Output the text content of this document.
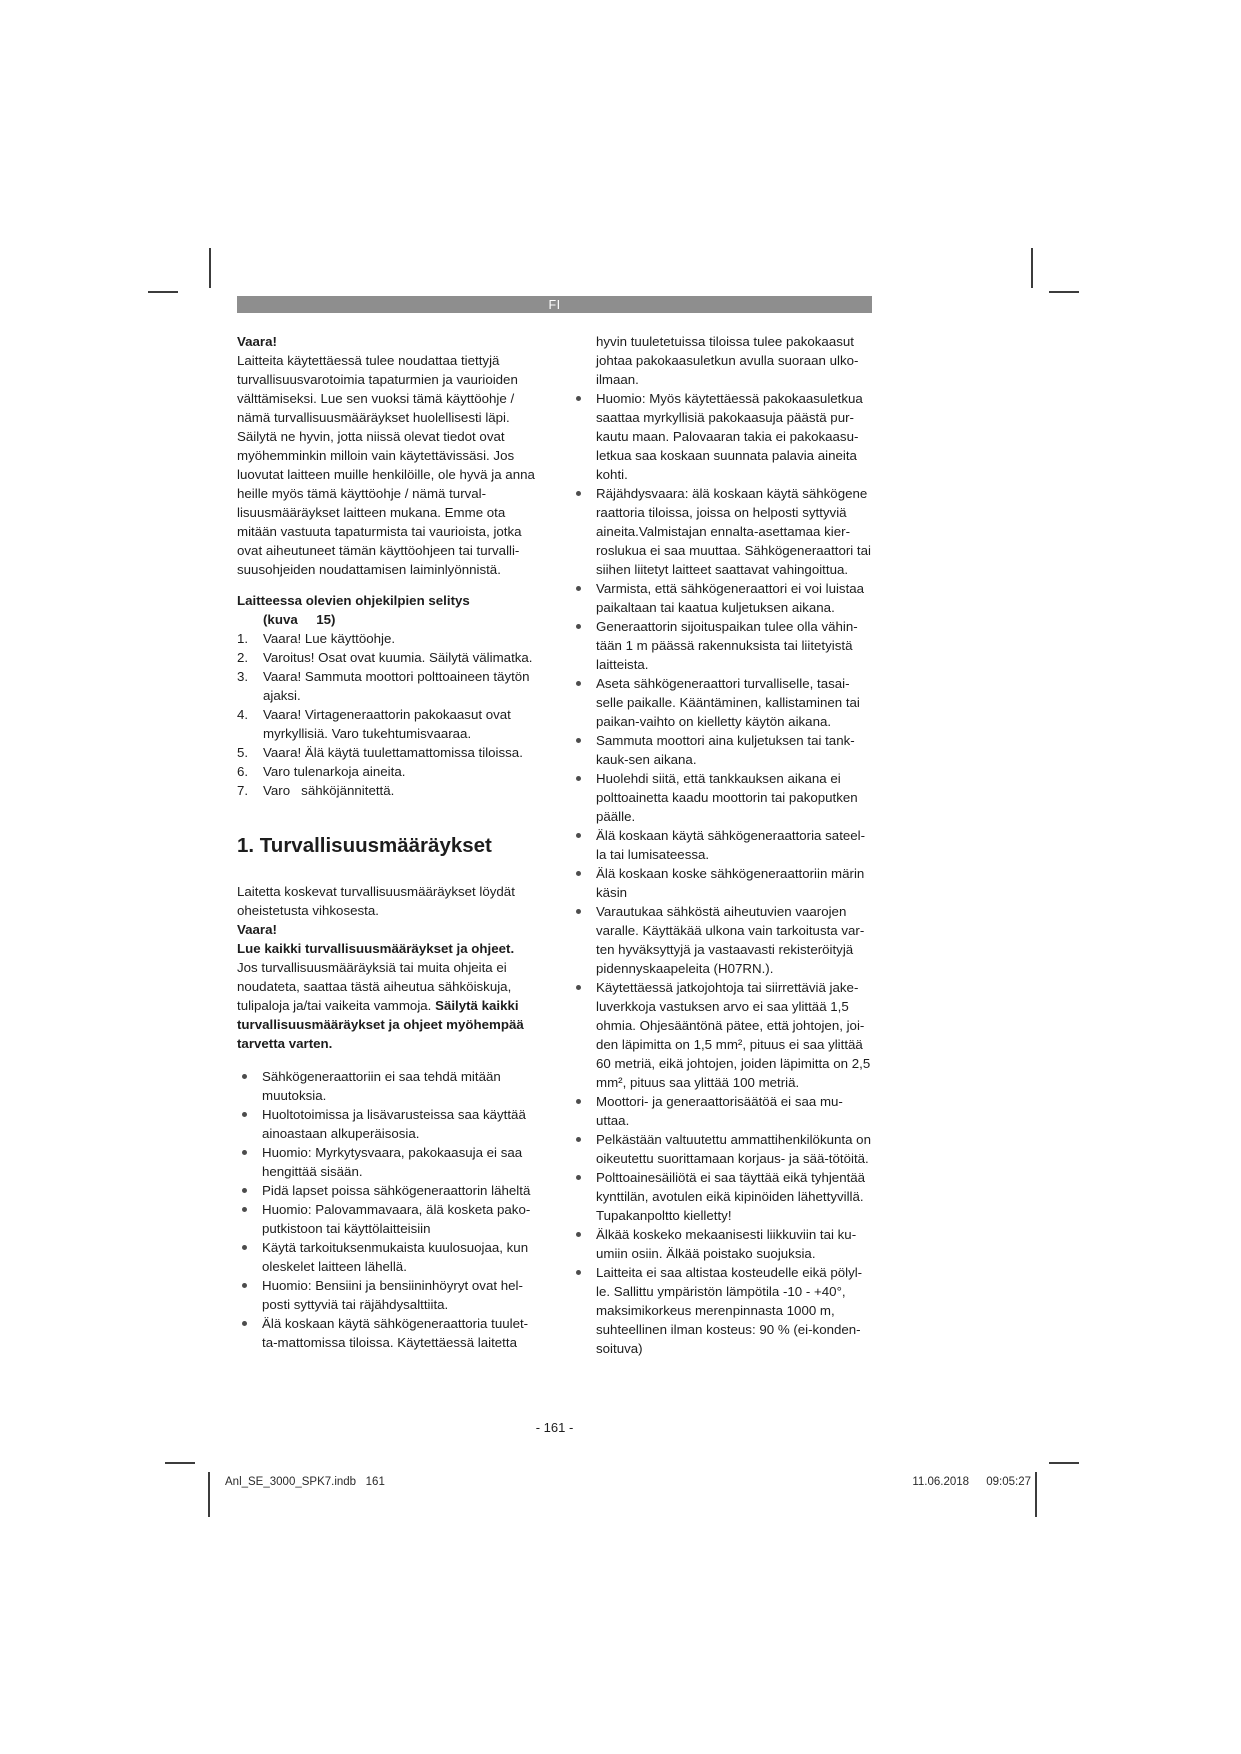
FI

Vaara!

Laitteita käytettäessä tulee noudattaa tiettyjä turvallisuusvarotoimia tapaturmien ja vaurioiden välttämiseksi. Lue sen vuoksi tämä käyttöohje / nämä turvallisuusmääräykset huolellisesti läpi. Säilytä ne hyvin, jotta niissä olevat tiedot ovat myöhemminkin milloin vain käytettävissäsi. Jos luovutat laitteen muille henkilöille, ole hyvä ja anna heille myös tämä käyttöohje / nämä turval-lisuusmääräykset laitteen mukana. Emme ota mitään vastuuta tapaturmista tai vaurioista, jotka ovat aiheutuneet tämän käyttöohjeen tai turvalli-suusohjeiden noudattamisen laiminlyönnistä.

Laitteessa olevien ohjekilpien selitys
(kuva     15)

1.	Vaara! Lue käyttöohje.
2.	Varoitus! Osat ovat kuumia. Säilytä välimatka.
3.	Vaara! Sammuta moottori polttoaineen täytön ajaksi.
4.	Vaara! Virtageneraattorin pakokaasut ovat myrkyllisiä. Varo tukehtumisvaaraa.
5.	Vaara! Älä käytä tuulettamattomissa tiloissa.
6.	Varo tulenarkoja aineita.
7.	Varo   sähköjännitettä.
1. Turvallisuusmääräykset

Laitetta koskevat turvallisuusmääräykset löydät oheistetusta vihkosesta.

Vaara!

Lue kaikki turvallisuusmääräykset ja ohjeet. Jos turvallisuusmääräyksiä tai muita ohjeita ei noudateta, saattaa tästä aiheutua sähköiskuja, tulipaloja ja/tai vaikeita vammoja. Säilytä kaikki turvallisuusmääräykset ja ohjeet myöhempää tarvetta varten.

Sähkögeneraattoriin ei saa tehdä mitään muutoksia.
Huoltotoimissa ja lisävarusteissa saa käyttää ainoastaan alkuperäisosia.
Huomio: Myrkytysvaara, pakokaasuja ei saa hengittää sisään.
Pidä lapset poissa sähkögeneraattorin läheltä
Huomio: Palovammavaara, älä kosketa pako-putkistoon tai käyttölaitteisiin
Käytä tarkoituksenmukaista kuulosuojaa, kun oleskelet laitteen lähellä.
Huomio: Bensiini ja bensiininhöyryt ovat hel-posti syttyviä tai räjähdysalttiita.
Älä koskaan käytä sähkögeneraattoria tuulet-ta-mattomissa tiloissa. Käytettäessä laitetta

hyvin tuuletetuissa tiloissa tulee pakokaasut johtaa pakokaasuletkun avulla suoraan ulko-ilmaan.

Huomio: Myös käytettäessä pakokaasuletkua saattaa myrkyllisiä pakokaasuja päästä pur-kautu maan. Palovaaran takia ei pakokaasu-letkua saa koskaan suunnata palavia aineita kohti.
Räjähdysvaara: älä koskaan käytä sähkögene raattoria tiloissa, joissa on helposti syttyviä aineita.Valmistajan ennalta-asettamaa kier-roslukua ei saa muuttaa. Sähkögeneraattori tai siihen liitetyt laitteet saattavat vahingoittua.
Varmista, että sähkögeneraattori ei voi luistaa paikaltaan tai kaatua kuljetuksen aikana.
Generaattorin sijoituspaikan tulee olla vähin-tään 1 m päässä rakennuksista tai liitetyistä laitteista.
Aseta sähkögeneraattori turvalliselle, tasai-selle paikalle. Kääntäminen, kallistaminen tai paikan-vaihto on kielletty käytön aikana.
Sammuta moottori aina kuljetuksen tai tank-kauk-sen aikana.
Huolehdi siitä, että tankkauksen aikana ei polttoainetta kaadu moottorin tai pakoputken päälle.
Älä koskaan käytä sähkögeneraattoria sateel-la tai lumisateessa.
Älä koskaan koske sähkögeneraattoriin märin käsin
Varautukaa sähköstä aiheutuvien vaarojen varalle. Käyttäkää ulkona vain tarkoitusta var-ten hyväksyttyjä ja vastaavasti rekisteröityjä pidennyskaapeleita (H07RN.).
Käytettäessä jatkojohtoja tai siirrettäviä jake-luverkkoja vastuksen arvo ei saa ylittää 1,5 ohmia. Ohjesääntönä pätee, että johtojen, joi-den läpimitta on 1,5 mm², pituus ei saa ylittää 60 metriä, eikä johtojen, joiden läpimitta on 2,5 mm², pituus saa ylittää 100 metriä.
Moottori- ja generaattorisäätöä ei saa mu-uttaa.
Pelkästään valtuutettu ammattihenkilökunta on oikeutettu suorittamaan korjaus- ja sää-tötöitä.
Polttoainesäiliötä ei saa täyttää eikä tyhjentää kynttilän, avotulen eikä kipinöiden lähettyvillä. Tupakanpoltto kielletty!
Älkää koskeko mekaanisesti liikkuviin tai ku-umiin osiin. Älkää poistako suojuksia.
Laitteita ei saa altistaa kosteudelle eikä pölyl-le. Sallittu ympäristön lämpötila -10 - +40°, maksimikorkeus merenpinnasta 1000 m, suhteellinen ilman kosteus: 90 % (ei-konden-soituva)
- 161 -
Anl_SE_3000_SPK7.indb   161	11.06.2018 09:05:27
